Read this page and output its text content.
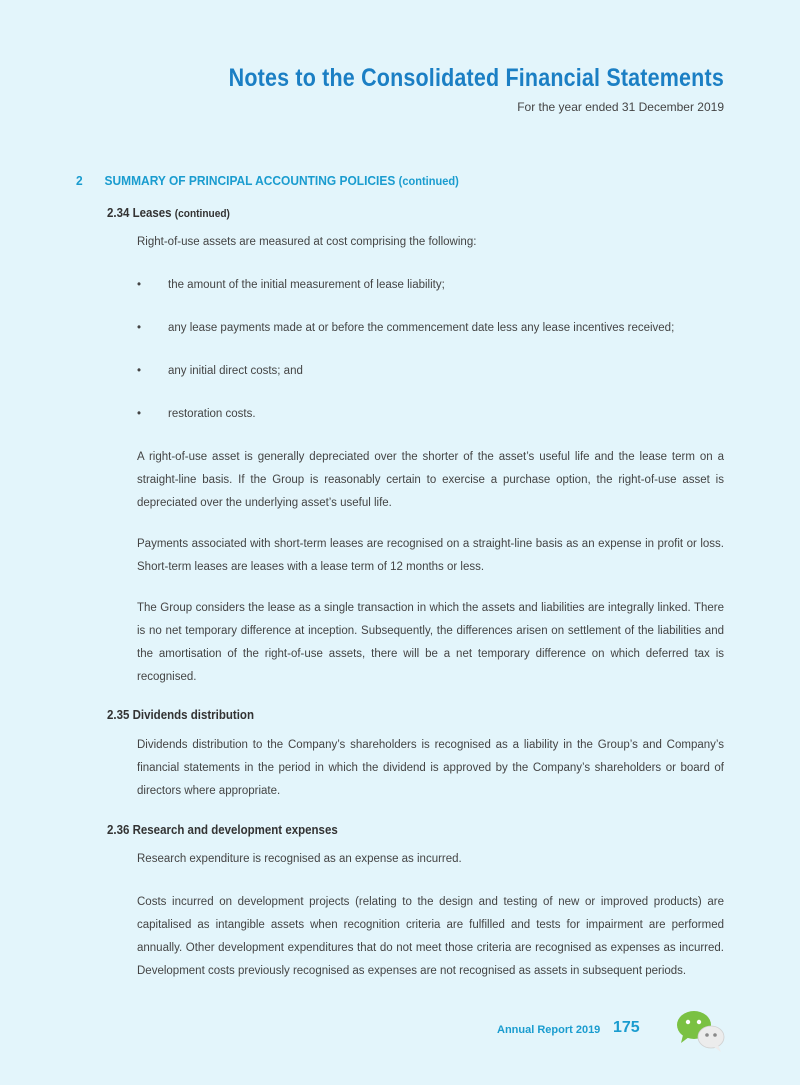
Notes to the Consolidated Financial Statements
For the year ended 31 December 2019
2 SUMMARY OF PRINCIPAL ACCOUNTING POLICIES (continued)
2.34 Leases (continued)
Right-of-use assets are measured at cost comprising the following:
• the amount of the initial measurement of lease liability;
• any lease payments made at or before the commencement date less any lease incentives received;
• any initial direct costs; and
• restoration costs.
A right-of-use asset is generally depreciated over the shorter of the asset’s useful life and the lease term on a straight-line basis. If the Group is reasonably certain to exercise a purchase option, the right-of-use asset is depreciated over the underlying asset’s useful life.
Payments associated with short-term leases are recognised on a straight-line basis as an expense in profit or loss. Short-term leases are leases with a lease term of 12 months or less.
The Group considers the lease as a single transaction in which the assets and liabilities are integrally linked. There is no net temporary difference at inception. Subsequently, the differences arisen on settlement of the liabilities and the amortisation of the right-of-use assets, there will be a net temporary difference on which deferred tax is recognised.
2.35 Dividends distribution
Dividends distribution to the Company’s shareholders is recognised as a liability in the Group’s and Company’s financial statements in the period in which the dividend is approved by the Company’s shareholders or board of directors where appropriate.
2.36 Research and development expenses
Research expenditure is recognised as an expense as incurred.
Costs incurred on development projects (relating to the design and testing of new or improved products) are capitalised as intangible assets when recognition criteria are fulfilled and tests for impairment are performed annually. Other development expenditures that do not meet those criteria are recognised as expenses as incurred. Development costs previously recognised as expenses are not recognised as assets in subsequent periods.
Annual Report 2019 175
